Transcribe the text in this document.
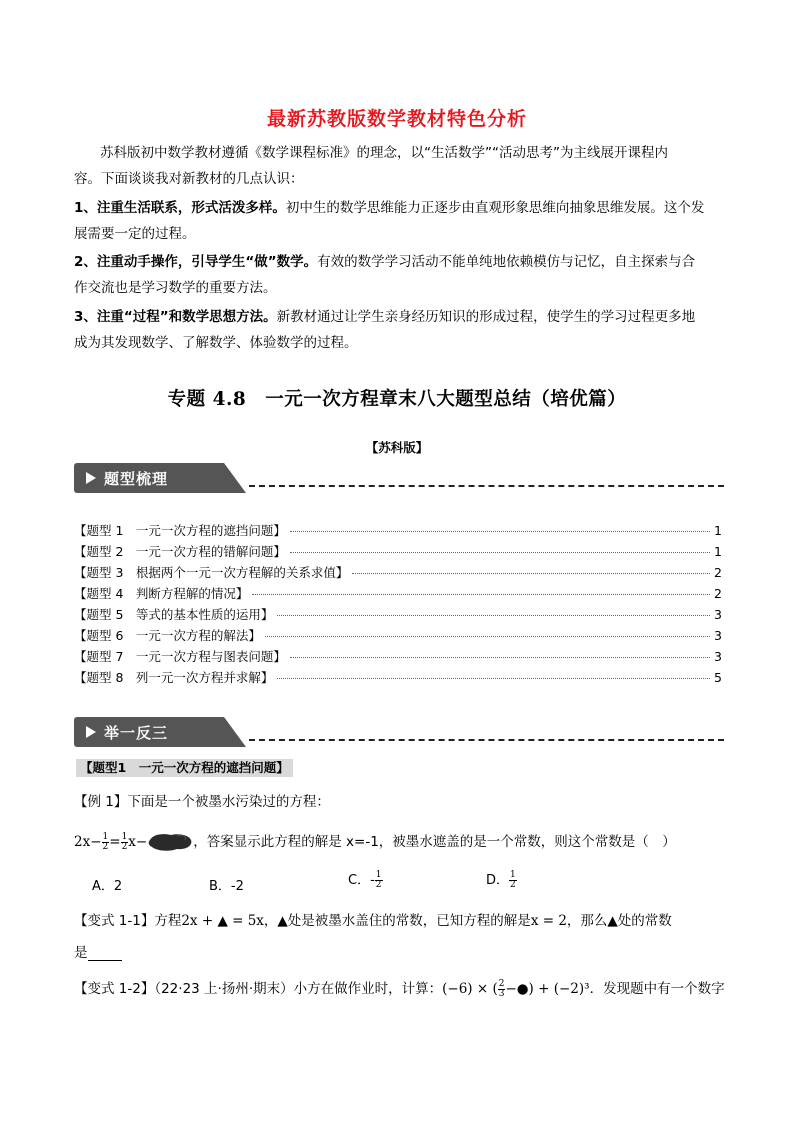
最新苏教版数学教材特色分析
苏科版初中数学教材遵循《数学课程标准》的理念，以“生活数学”“活动思考”为主线展开课程内
容。下面谈谈我对新教材的几点认识：
1、注重生活联系，形式活泼多样。初中生的数学思维能力正逐步由直观形象思维向抽象思维发展。这个发
展需要一定的过程。
2、注重动手操作，引导学生“做”数学。有效的数学学习活动不能单纯地依赖模仿与记忆，自主探索与合
作交流也是学习数学的重要方法。
3、注重“过程”和数学思想方法。新教材通过让学生亲身经历知识的形成过程，使学生的学习过程更多地
成为其发现数学、了解数学、体验数学的过程。
专题 4.8　一元一次方程章末八大题型总结（培优篇）
【苏科版】
题型梳理
【题型 1　一元一次方程的遮挡问题】	1
【题型 2　一元一次方程的错解问题】	1
【题型 3　根据两个一元一次方程解的关系求值】	2
【题型 4　判断方程解的情况】	2
【题型 5　等式的基本性质的运用】	3
【题型 6　一元一次方程的解法】	3
【题型 7　一元一次方程与图表问题】	3
【题型 8　列一元一次方程并求解】	5
举一反三
【题型1　一元一次方程的遮挡问题】
【例 1】下面是一个被墨水污染过的方程：
$2x- \frac{1}{2} = \frac{1}{2} x-$	，答案显示此方程的解是 x=-1，被墨水遮盖的是一个常数，则这个常数是（　）
A．2	B．-2	C．- $\frac{1}{2}$	D． $\frac{1}{2}$
【变式 1-1】方程2x + ▲ = 5x，▲处是被墨水盖住的常数，已知方程的解是x = 2，那么▲处的常数
是
【变式 1-2】（22·23 上·扬州·期末）小方在做作业时，计算：(−6) × ( $\frac{2}{3}$ −●) + (−2)³．发现题中有一个数字
